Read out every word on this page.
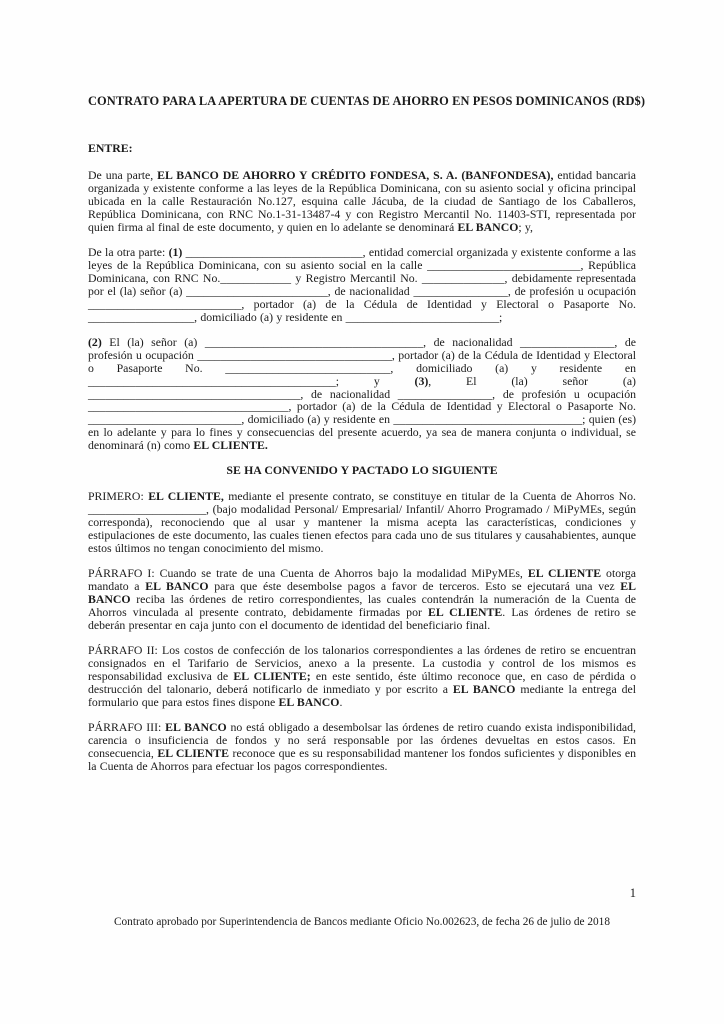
CONTRATO PARA LA APERTURA DE CUENTAS DE AHORRO EN PESOS DOMINICANOS (RD$)

ENTRE:

De una parte, EL BANCO DE AHORRO Y CRÉDITO FONDESA, S. A. (BANFONDESA), entidad bancaria organizada y existente conforme a las leyes de la República Dominicana, con su asiento social y oficina principal ubicada en la calle Restauración No.127, esquina calle Jácuba, de la ciudad de Santiago de los Caballeros, República Dominicana, con RNC No.1-31-13487-4 y con Registro Mercantil No. 11403-STI, representada por quien firma al final de este documento, y quien en lo adelante se denominará EL BANCO; y,

De la otra parte: (1) ______________________________, entidad comercial organizada y existente conforme a las leyes de la República Dominicana, con su asiento social en la calle __________________________, República Dominicana, con RNC No.____________ y Registro Mercantil No. ______________, debidamente representada por el (la) señor (a) ________________________, de nacionalidad ________________, de profesión u ocupación __________________________, portador (a) de la Cédula de Identidad y Electoral o Pasaporte No. __________________, domiciliado (a) y residente en __________________________;

(2) El (la) señor (a) _____________________________________, de nacionalidad ________________, de profesión u ocupación _________________________________, portador (a) de la Cédula de Identidad y Electoral o Pasaporte No. ____________________________, domiciliado (a) y residente en __________________________________________; y (3), El (la) señor (a) ____________________________________, de nacionalidad ________________, de profesión u ocupación __________________________________, portador (a) de la Cédula de Identidad y Electoral o Pasaporte No. __________________________, domiciliado (a) y residente en ________________________________; quien (es) en lo adelante y para lo fines y consecuencias del presente acuerdo, ya sea de manera conjunta o individual, se denominará (n) como EL CLIENTE.

SE HA CONVENIDO Y PACTADO LO SIGUIENTE

PRIMERO: EL CLIENTE, mediante el presente contrato, se constituye en titular de la Cuenta de Ahorros No. ____________________, (bajo modalidad Personal/ Empresarial/ Infantil/ Ahorro Programado / MiPyMEs, según corresponda), reconociendo que al usar y mantener la misma acepta las características, condiciones y estipulaciones de este documento, las cuales tienen efectos para cada uno de sus titulares y causahabientes, aunque estos últimos no tengan conocimiento del mismo.

PÁRRAFO I: Cuando se trate de una Cuenta de Ahorros bajo la modalidad MiPyMEs, EL CLIENTE otorga mandato a EL BANCO para que éste desembolse pagos a favor de terceros. Esto se ejecutará una vez EL BANCO reciba las órdenes de retiro correspondientes, las cuales contendrán la numeración de la Cuenta de Ahorros vinculada al presente contrato, debidamente firmadas por EL CLIENTE. Las órdenes de retiro se deberán presentar en caja junto con el documento de identidad del beneficiario final.

PÁRRAFO II: Los costos de confección de los talonarios correspondientes a las órdenes de retiro se encuentran consignados en el Tarifario de Servicios, anexo a la presente. La custodia y control de los mismos es responsabilidad exclusiva de EL CLIENTE; en este sentido, éste último reconoce que, en caso de pérdida o destrucción del talonario, deberá notificarlo de inmediato y por escrito a EL BANCO mediante la entrega del formulario que para estos fines dispone EL BANCO.

PÁRRAFO III: EL BANCO no está obligado a desembolsar las órdenes de retiro cuando exista indisponibilidad, carencia o insuficiencia de fondos y no será responsable por las órdenes devueltas en estos casos. En consecuencia, EL CLIENTE reconoce que es su responsabilidad mantener los fondos suficientes y disponibles en la Cuenta de Ahorros para efectuar los pagos correspondientes.

1
Contrato aprobado por Superintendencia de Bancos mediante Oficio No.002623, de fecha 26 de julio de 2018
